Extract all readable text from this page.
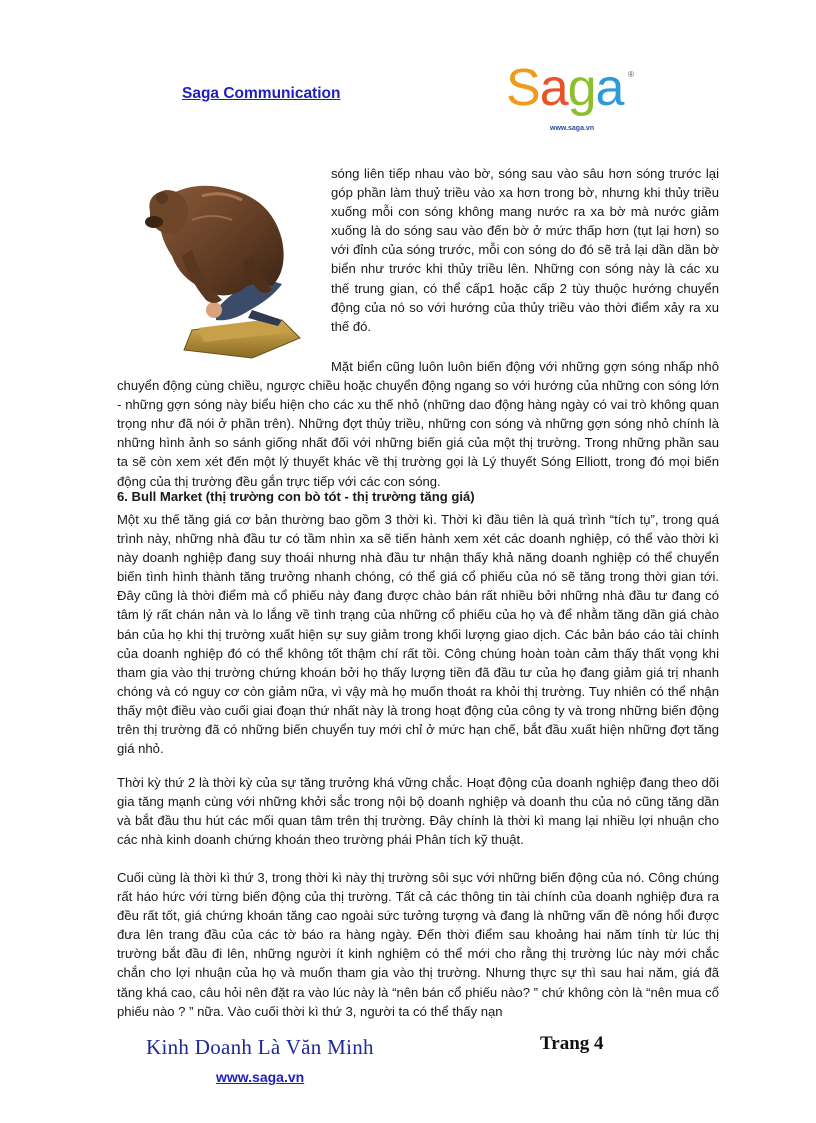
Saga Communication	Saga ®
www.saga.vn

sóng liên tiếp nhau vào bờ, sóng sau vào sâu hơn sóng trước lại góp phần làm thuỷ triều vào xa hơn trong bờ, nhưng khi thủy triều xuống mỗi con sóng không mang nước ra xa bờ mà nước giảm xuống là do sóng sau vào đến bờ ở mức thấp hơn (tụt lại hơn) so với đỉnh của sóng trước, mỗi con sóng do đó sẽ trả lại dần dần bờ biển như trước khi thủy triều lên. Những con sóng này là các xu thế trung gian, có thể cấp1 hoặc cấp 2 tùy thuộc hướng chuyển động của nó so với hướng của thủy triều vào thời điểm xảy ra xu thế đó.

Mặt biển cũng luôn luôn biến động với những gợn sóng nhấp nhô chuyển động cùng chiều, ngược chiều hoặc chuyển động ngang so với hướng của những con sóng lớn - những gợn sóng này biểu hiện cho các xu thế nhỏ (những dao động hàng ngày có vai trò không quan trọng như đã nói ở phần trên). Những đợt thủy triều, những con sóng và những gợn sóng nhỏ chính là những hình ảnh so sánh giống nhất đối với những biến giá của một thị trường. Trong những phần sau ta sẽ còn xem xét đến một lý thuyết khác về thị trường gọi là Lý thuyết Sóng Elliott, trong đó mọi biến động của thị trường đều gắn trực tiếp với các con sóng.

6. Bull Market (thị trường con bò tót - thị trường tăng giá)

Một xu thế tăng giá cơ bản thường bao gồm 3 thời kì. Thời kì đầu tiên là quá trình “tích tụ”, trong quá trình này, những nhà đầu tư có tầm nhìn xa sẽ tiến hành xem xét các doanh nghiệp, có thể vào thời kì này doanh nghiệp đang suy thoái nhưng nhà đầu tư nhận thấy khả năng doanh nghiệp có thể chuyển biến tình hình thành tăng trưởng nhanh chóng, có thể giá cổ phiếu của nó sẽ tăng trong thời gian tới. Đây cũng là thời điểm mà cổ phiếu này đang được chào bán rất nhiều bởi những nhà đầu tư đang có tâm lý rất chán nản và lo lắng về tình trạng của những cổ phiếu của họ và để nhằm tăng dần giá chào bán của họ khi thị trường xuất hiện sự suy giảm trong khối lượng giao dịch. Các bản báo cáo tài chính của doanh nghiệp đó có thể không tốt thậm chí rất tồi. Công chúng hoàn toàn cảm thấy thất vọng khi tham gia vào thị trường chứng khoán bởi họ thấy lượng tiền đã đầu tư của họ đang giảm giá trị nhanh chóng và có nguy cơ còn giảm nữa, vì vậy mà họ muốn thoát ra khỏi thị trường. Tuy nhiên có thể nhận thấy một điều vào cuối giai đoạn thứ nhất này là trong hoạt động của công ty và trong những biến động trên thị trường đã có những biến chuyển tuy mới chỉ ở mức hạn chế, bắt đầu xuất hiện những đợt tăng giá nhỏ.

Thời kỳ thứ 2 là thời kỳ của sự tăng trưởng khá vững chắc. Hoạt động của doanh nghiệp đang theo dõi gia tăng mạnh cùng với những khởi sắc trong nội bộ doanh nghiệp và doanh thu của nó cũng tăng dần và bắt đầu thu hút các mối quan tâm trên thị trường. Đây chính là thời kì mang lại nhiều lợi nhuận cho các nhà kinh doanh chứng khoán theo trường phái Phân tích kỹ thuật.

Cuối cùng là thời kì thứ 3, trong thời kì này thị trường sôi sục với những biến động của nó. Công chúng rất háo hức với từng biến động của thị trường. Tất cả các thông tin tài chính của doanh nghiệp đưa ra đều rất tốt, giá chứng khoán tăng cao ngoài sức tưởng tượng và đang là những vấn đề nóng hổi được đưa lên trang đầu của các tờ báo ra hàng ngày. Đến thời điểm sau khoảng hai năm tính từ lúc thị trường bắt đầu đi lên, những người ít kinh nghiệm có thể mới cho rằng thị trường lúc này mới chắc chắn cho lợi nhuận của họ và muốn tham gia vào thị trường. Nhưng thực sự thì sau hai năm, giá đã tăng khá cao, câu hỏi nên đặt ra vào lúc này là “nên bán cổ phiếu nào? ” chứ không còn là “nên mua cổ phiếu nào ? ” nữa. Vào cuối thời kì thứ 3, người ta có thể thấy nạn

Kinh Doanh Là Văn Minh	Trang 4
www.saga.vn
